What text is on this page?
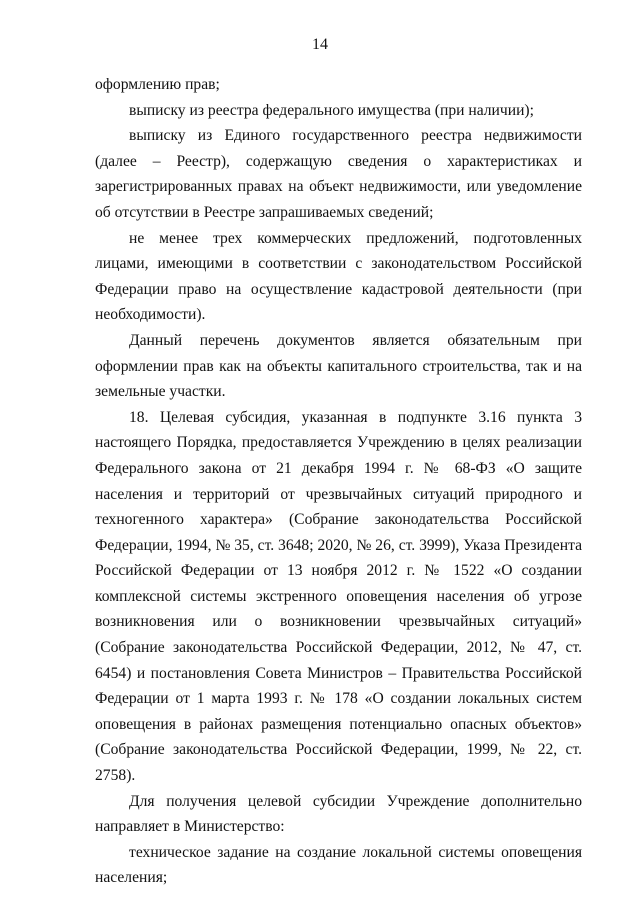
14

оформлению прав;

выписку из реестра федерального имущества (при наличии);

выписку из Единого государственного реестра недвижимости (далее – Реестр), содержащую сведения о характеристиках и зарегистрированных правах на объект недвижимости, или уведомление об отсутствии в Реестре запрашиваемых сведений;

не менее трех коммерческих предложений, подготовленных лицами, имеющими в соответствии с законодательством Российской Федерации право на осуществление кадастровой деятельности (при необходимости).

Данный перечень документов является обязательным при оформлении прав как на объекты капитального строительства, так и на земельные участки.

18. Целевая субсидия, указанная в подпункте 3.16 пункта 3 настоящего Порядка, предоставляется Учреждению в целях реализации Федерального закона от 21 декабря 1994 г. № 68-ФЗ «О защите населения и территорий от чрезвычайных ситуаций природного и техногенного характера» (Собрание законодательства Российской Федерации, 1994, № 35, ст. 3648; 2020, № 26, ст. 3999), Указа Президента Российской Федерации от 13 ноября 2012 г. № 1522 «О создании комплексной системы экстренного оповещения населения об угрозе возникновения или о возникновении чрезвычайных ситуаций» (Собрание законодательства Российской Федерации, 2012, № 47, ст. 6454) и постановления Совета Министров – Правительства Российской Федерации от 1 марта 1993 г. № 178 «О создании локальных систем оповещения в районах размещения потенциально опасных объектов» (Собрание законодательства Российской Федерации, 1999, № 22, ст. 2758).

Для получения целевой субсидии Учреждение дополнительно направляет в Министерство:

техническое задание на создание локальной системы оповещения населения;
